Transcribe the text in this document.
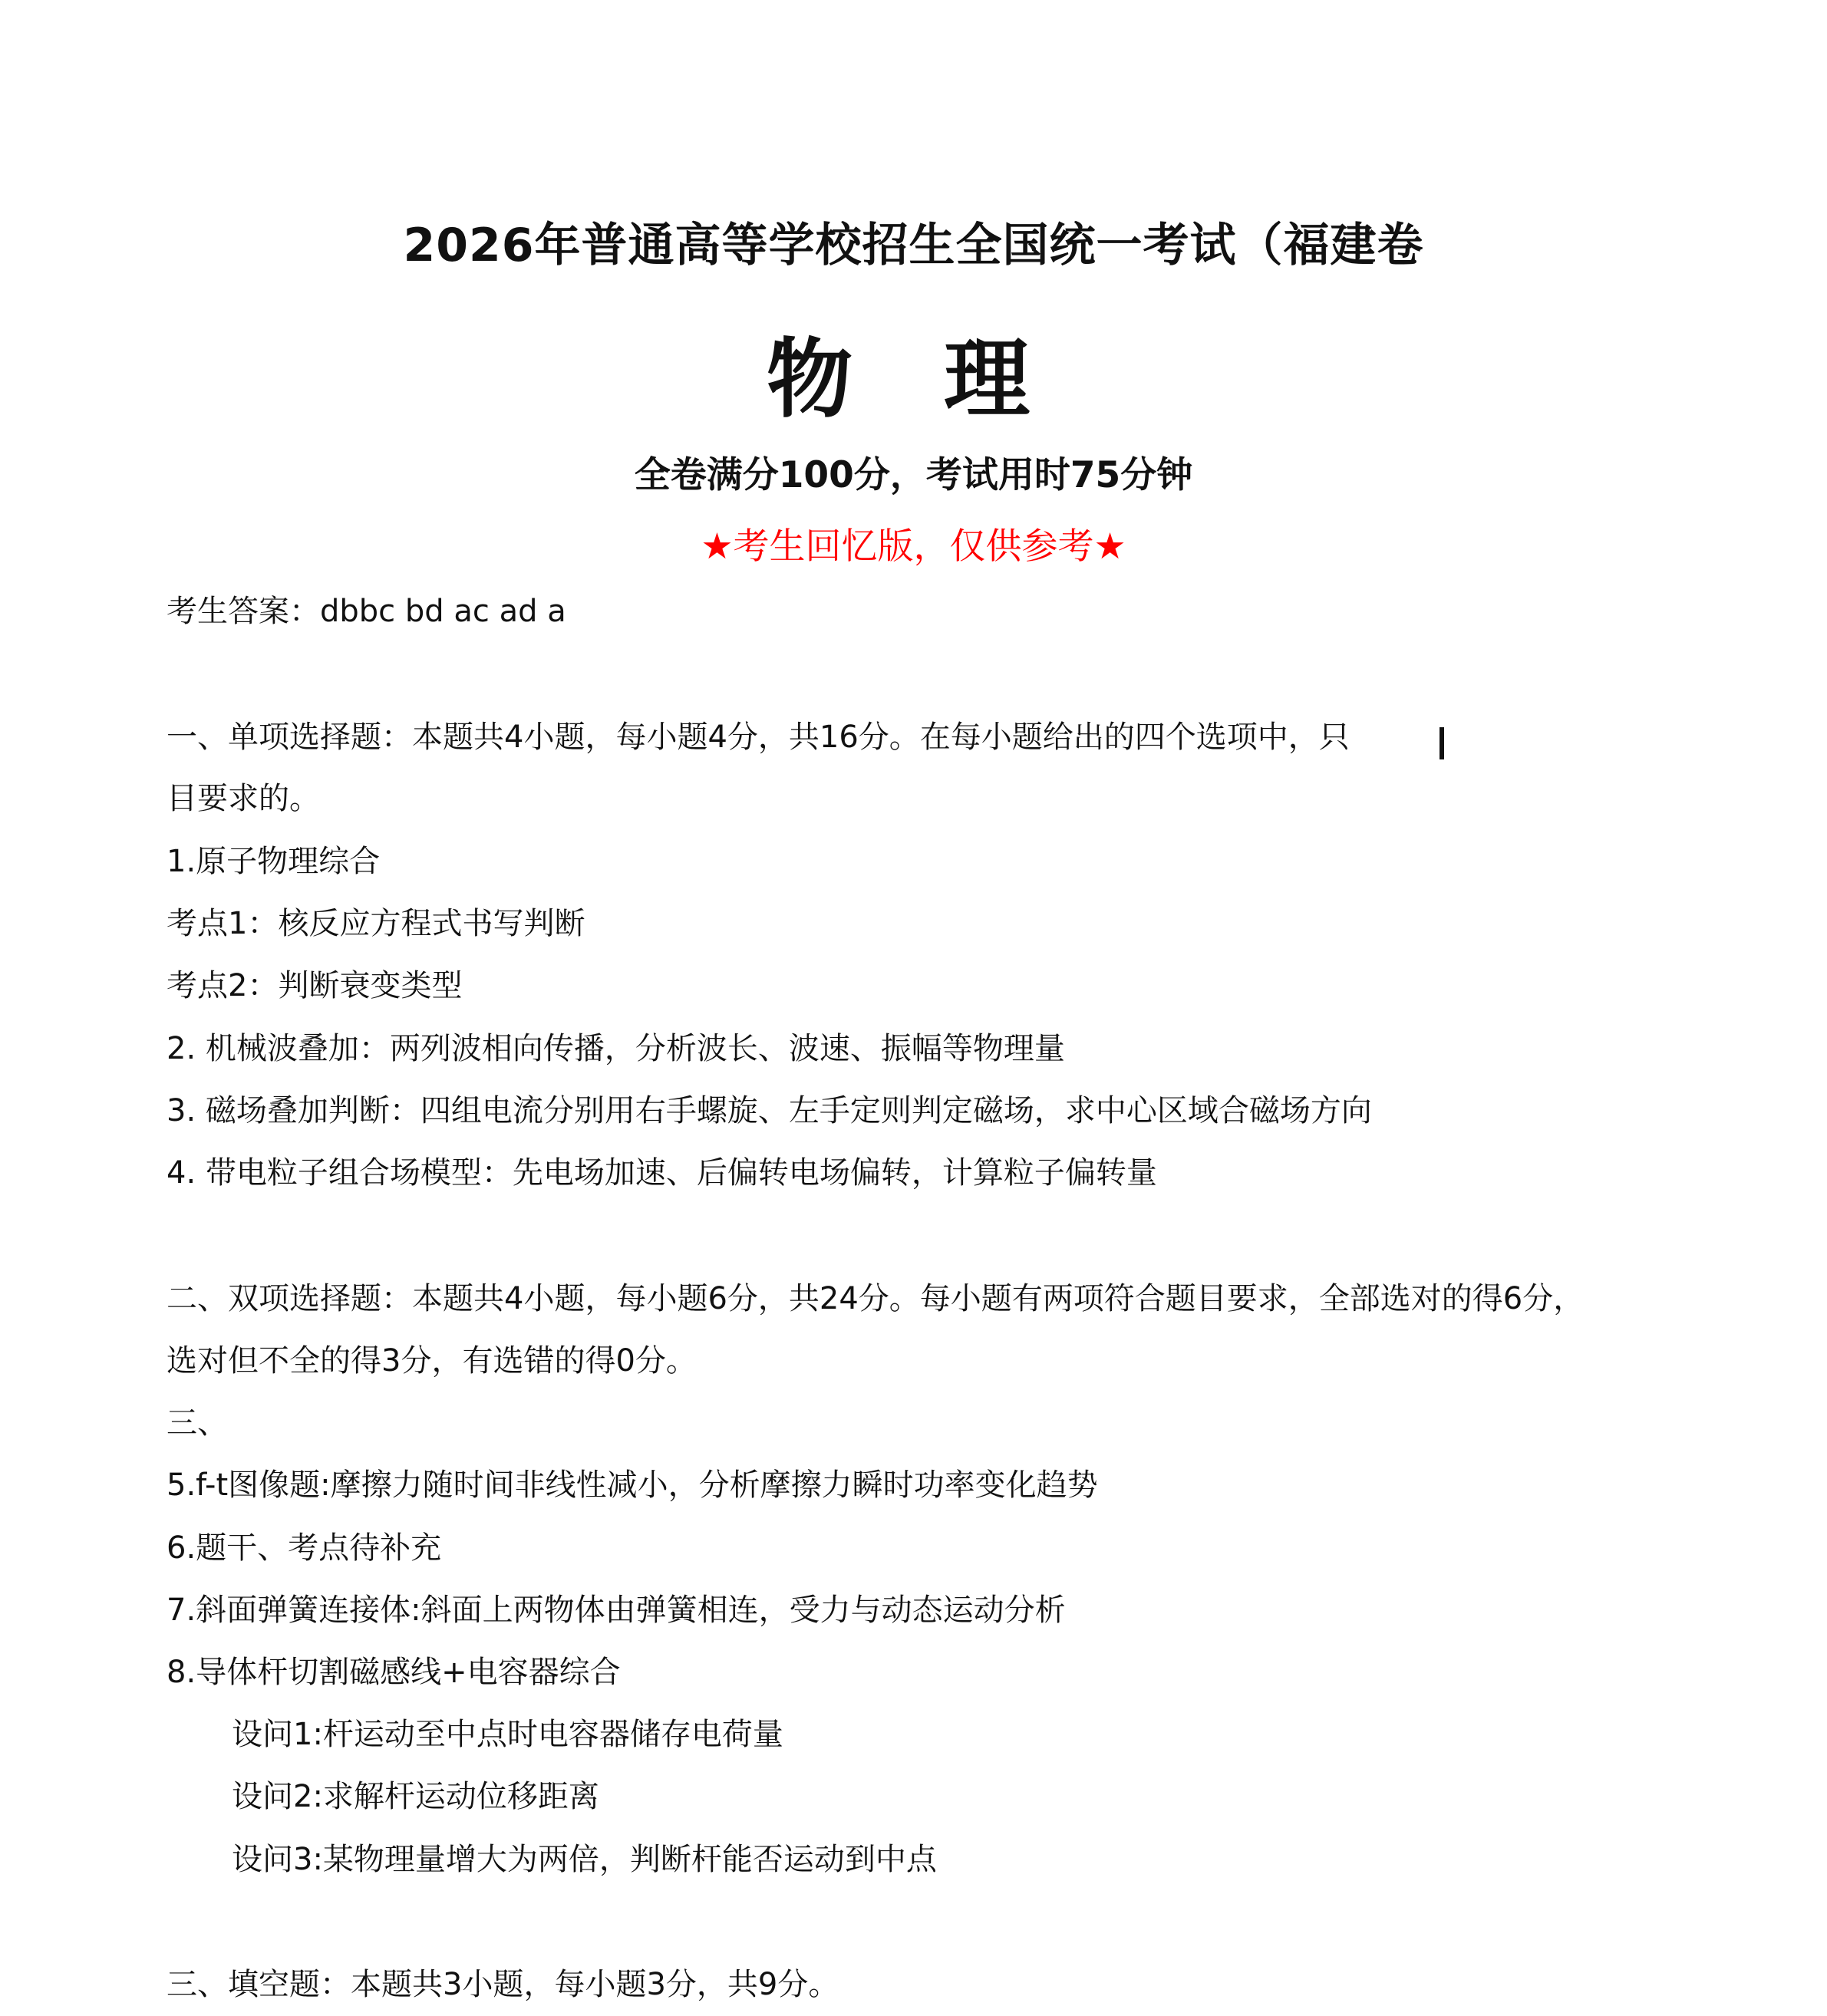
2026年普通高等学校招生全国统一考试（福建卷
物 理
全卷满分100分，考试用时75分钟
★考生回忆版，仅供参考★
考生答案：dbbc bd ac ad a
一、单项选择题：本题共4小题，每小题4分，共16分。在每小题给出的四个选项中，只
目要求的。
1.原子物理综合
考点1：核反应方程式书写判断
考点2：判断衰变类型
2. 机械波叠加：两列波相向传播，分析波长、波速、振幅等物理量
3. 磁场叠加判断：四组电流分别用右手螺旋、左手定则判定磁场，求中心区域合磁场方向
4. 带电粒子组合场模型：先电场加速、后偏转电场偏转，计算粒子偏转量
二、双项选择题：本题共4小题，每小题6分，共24分。每小题有两项符合题目要求，全部选对的得6分，
选对但不全的得3分，有选错的得0分。
三、
5.f-t图像题:摩擦力随时间非线性减小，分析摩擦力瞬时功率变化趋势
6.题干、考点待补充
7.斜面弹簧连接体:斜面上两物体由弹簧相连，受力与动态运动分析
8.导体杆切割磁感线+电容器综合
设问1:杆运动至中点时电容器储存电荷量
设问2:求解杆运动位移距离
设问3:某物理量增大为两倍，判断杆能否运动到中点
三、填空题：本题共3小题，每小题3分，共9分。
